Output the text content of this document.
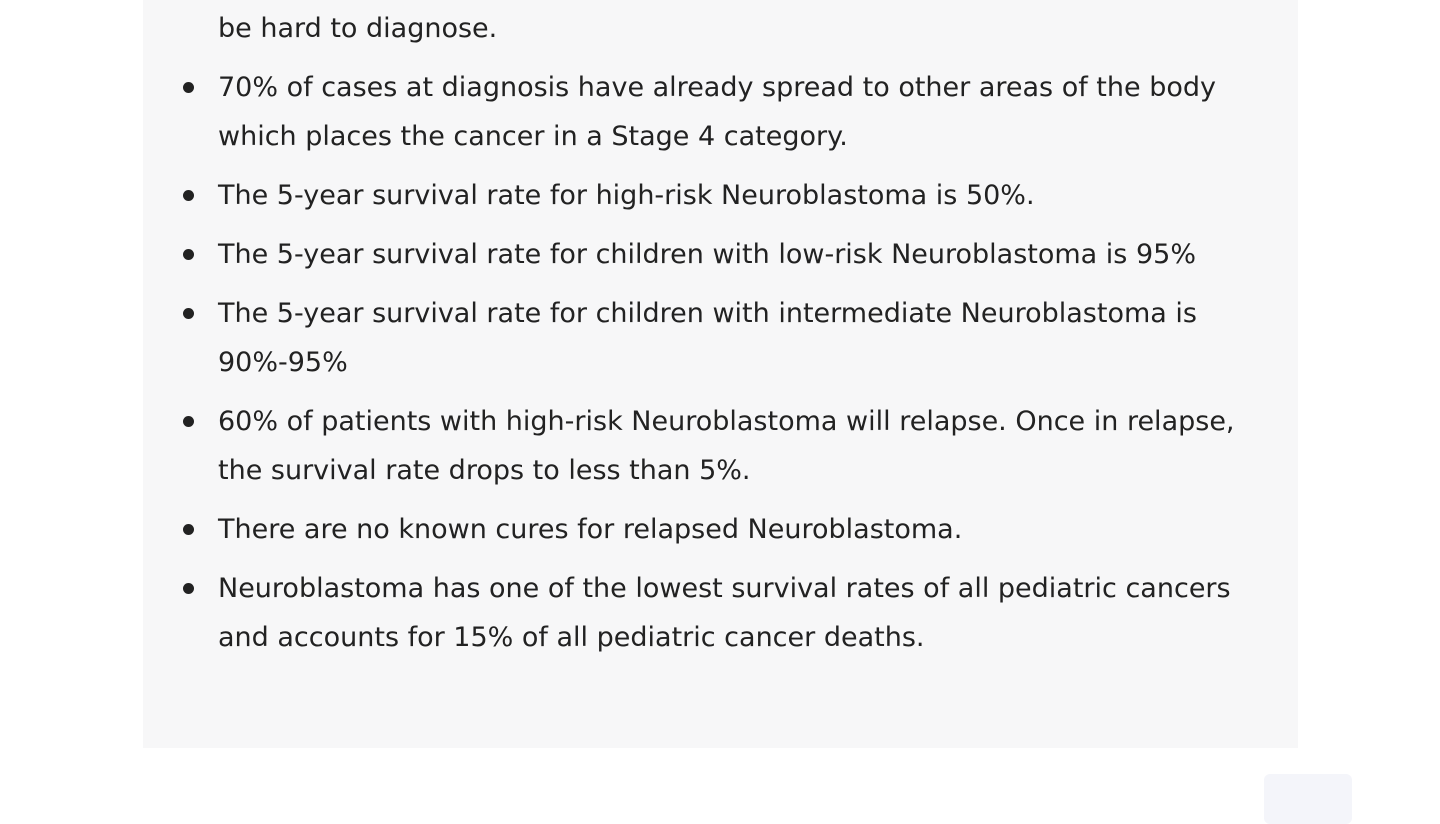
be hard to diagnose.
70% of cases at diagnosis have already spread to other areas of the body which places the cancer in a Stage 4 category.
The 5-year survival rate for high-risk Neuroblastoma is 50%.
The 5-year survival rate for children with low-risk Neuroblastoma is 95%
The 5-year survival rate for children with intermediate Neuroblastoma is 90%-95%
60% of patients with high-risk Neuroblastoma will relapse. Once in relapse, the survival rate drops to less than 5%.
There are no known cures for relapsed Neuroblastoma.
Neuroblastoma has one of the lowest survival rates of all pediatric cancers and accounts for 15% of all pediatric cancer deaths.
